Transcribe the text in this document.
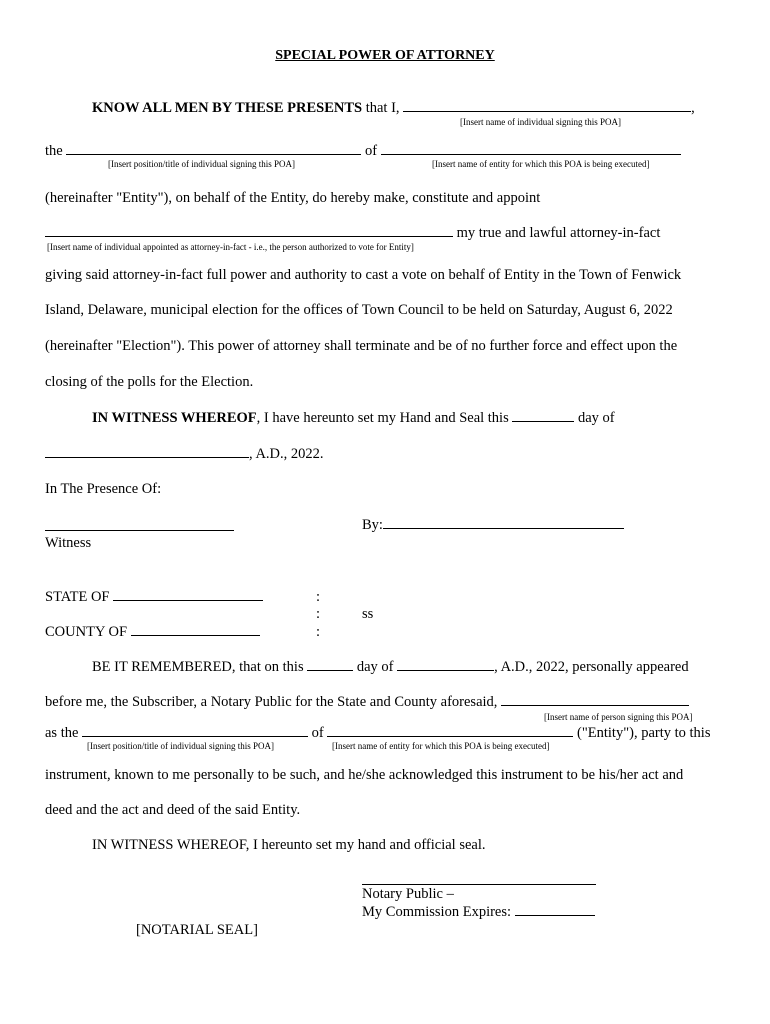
SPECIAL POWER OF ATTORNEY
KNOW ALL MEN BY THESE PRESENTS that I,	,
[Insert name of individual signing this POA]
the	of
[Insert position/title of individual signing this POA]	[Insert name of entity for which this POA is being executed]
(hereinafter "Entity"), on behalf of the Entity, do hereby make, constitute and appoint
my true and lawful attorney-in-fact
[Insert name of individual appointed as attorney-in-fact - i.e., the person authorized to vote for Entity]
giving said attorney-in-fact full power and authority to cast a vote on behalf of Entity in the Town of Fenwick
Island, Delaware, municipal election for the offices of Town Council to be held on Saturday, August 6, 2022
(hereinafter "Election"). This power of attorney shall terminate and be of no further force and effect upon the
closing of the polls for the Election.
IN WITNESS WHEREOF, I have hereunto set my Hand and Seal this	day of
, A.D., 2022.
In The Presence Of:
By:
Witness
STATE OF	:
:	ss
COUNTY OF	:
BE IT REMEMBERED, that on this	day of	, A.D., 2022, personally appeared
before me, the Subscriber, a Notary Public for the State and County aforesaid,
[Insert name of person signing this POA]
as the	of	("Entity"), party to this
[Insert position/title of individual signing this POA]	[Insert name of entity for which this POA is being executed]
instrument, known to me personally to be such, and he/she acknowledged this instrument to be his/her act and
deed and the act and deed of the said Entity.
IN WITNESS WHEREOF, I hereunto set my hand and official seal.
Notary Public –
My Commission Expires:
[NOTARIAL SEAL]
